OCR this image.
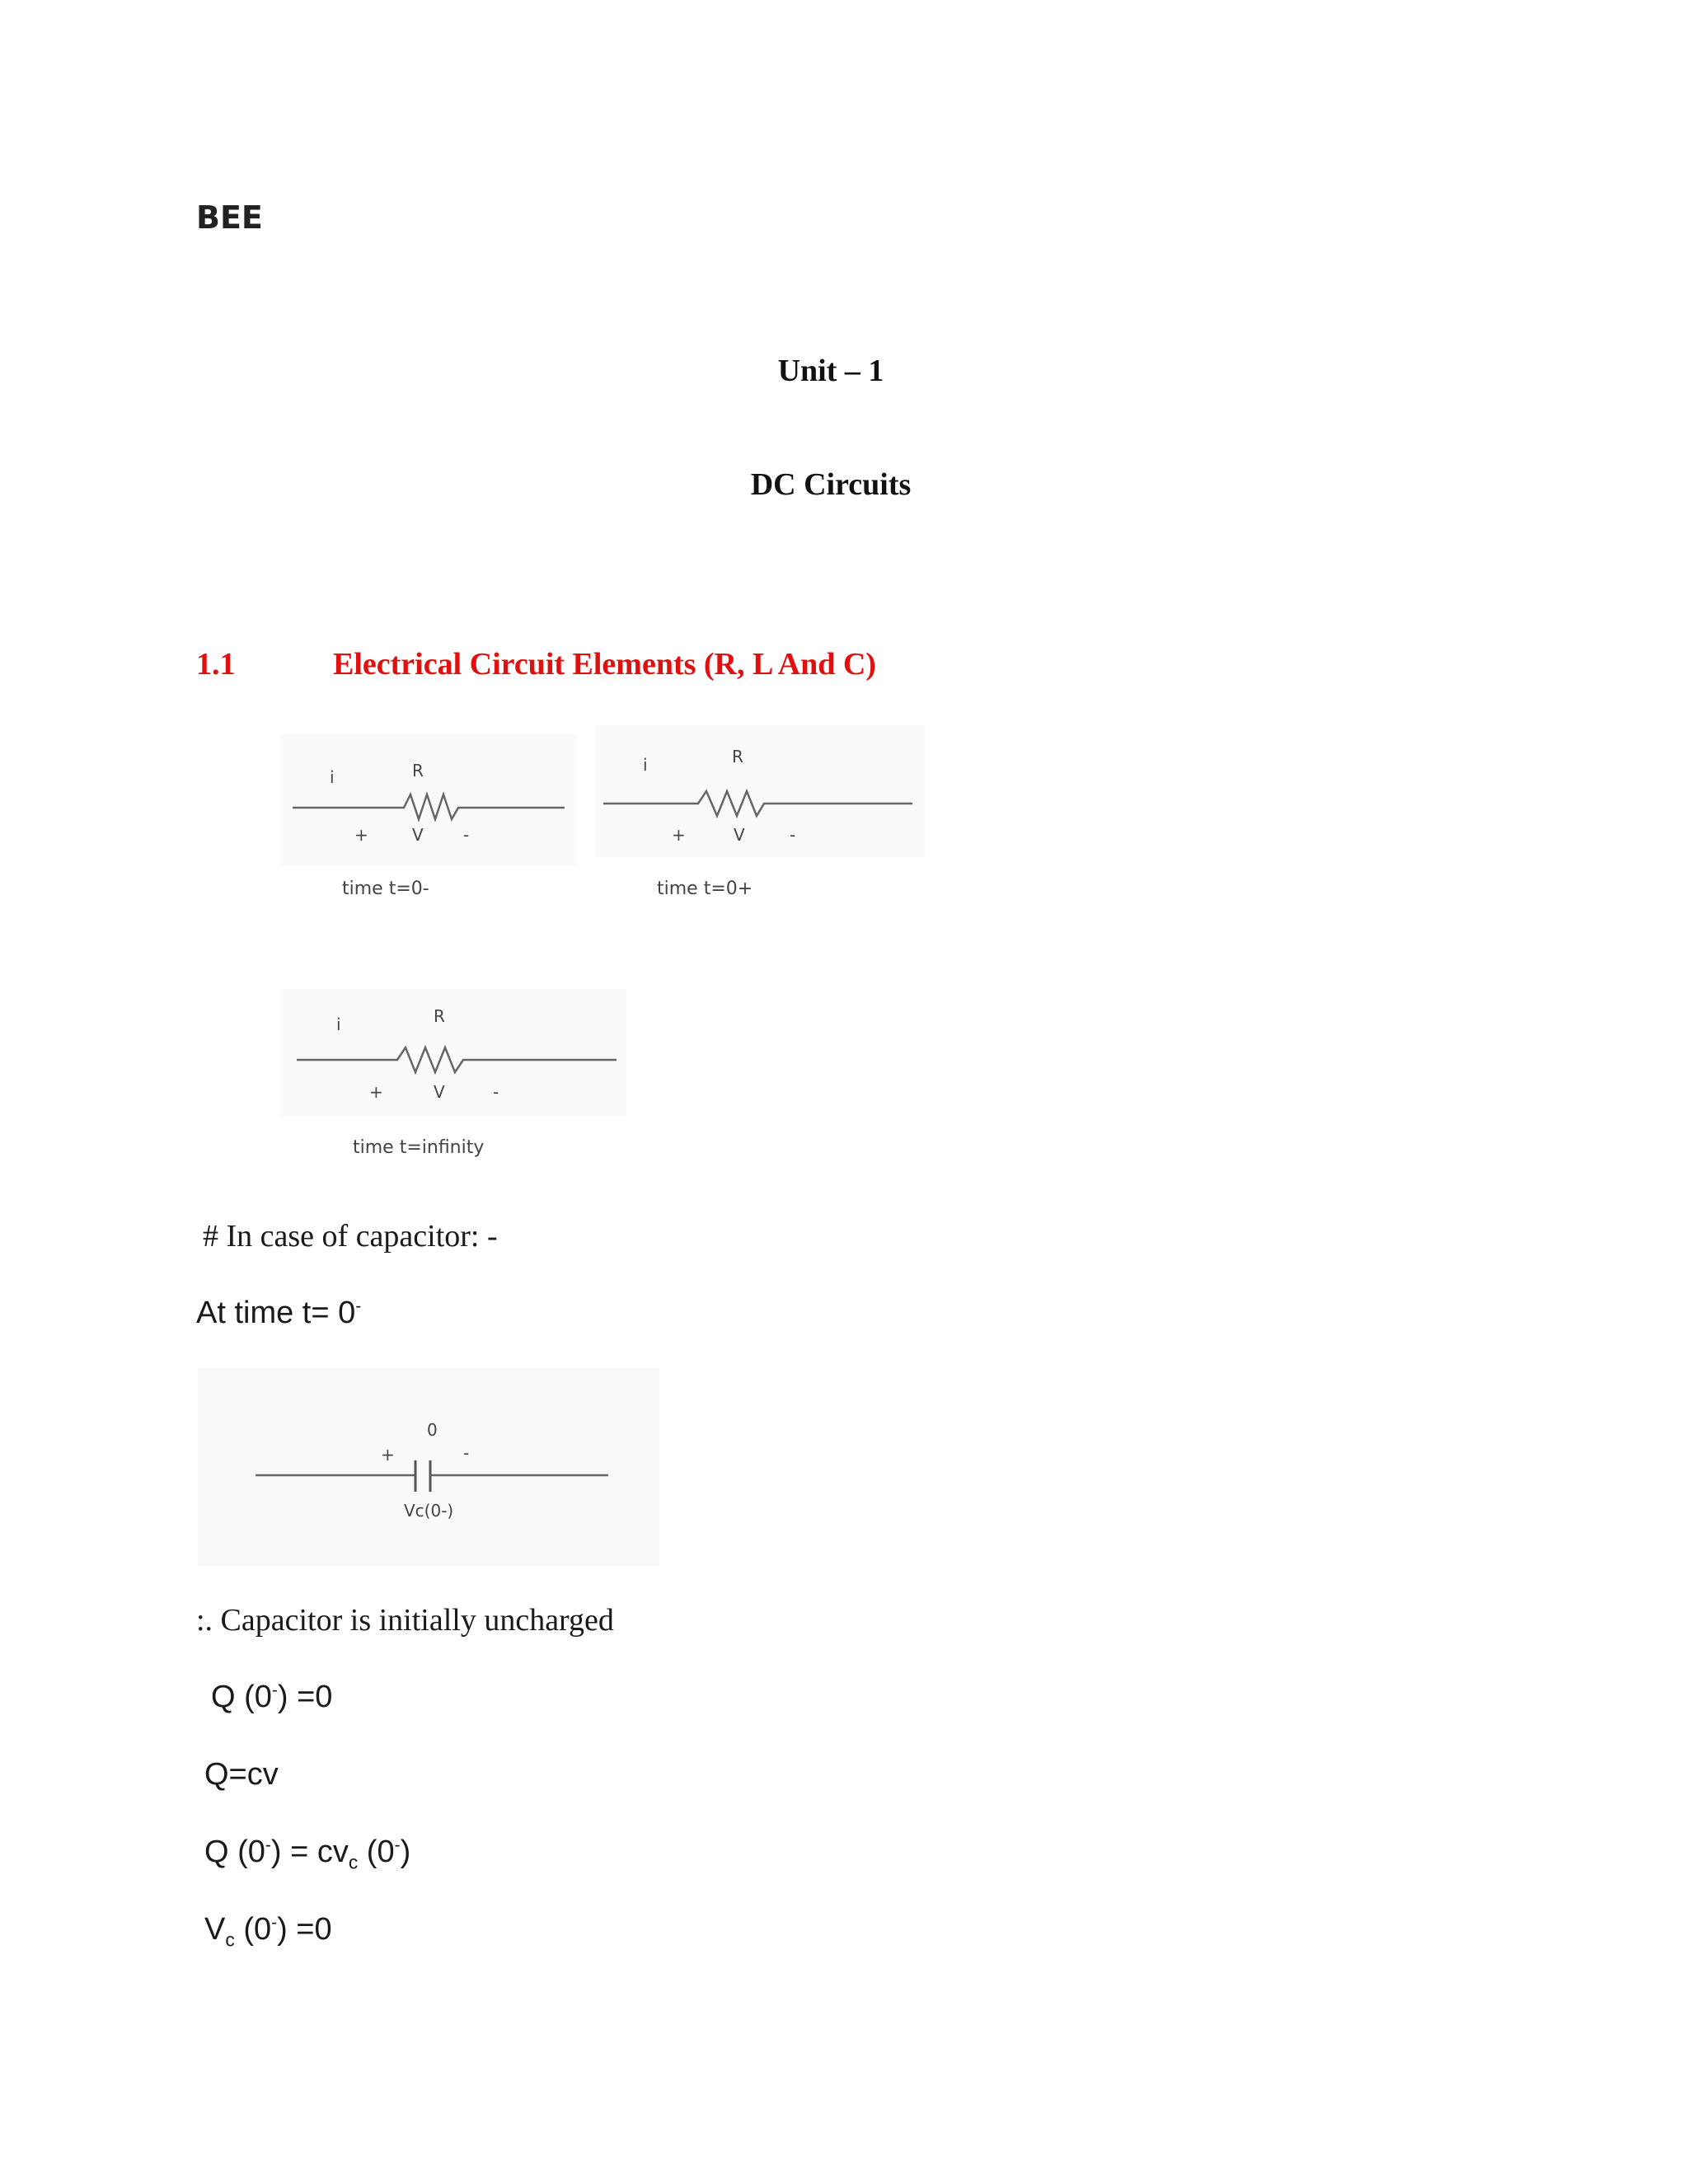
BEE
Unit – 1
DC Circuits
1.1	Electrical Circuit Elements (R, L And C)
i	R
+	V -
time t=0-
i	R
+	V	-
time t=0+
i	R
+	V	-
time t=infinity
# In case of capacitor: -
At time t= 0-
0
+	-
Vc(0-)
:. Capacitor is initially uncharged
Q (0-) =0
Q=cv
Q $(0^-) = cv_c$ (0-)
$V_c$ (0-) =0
